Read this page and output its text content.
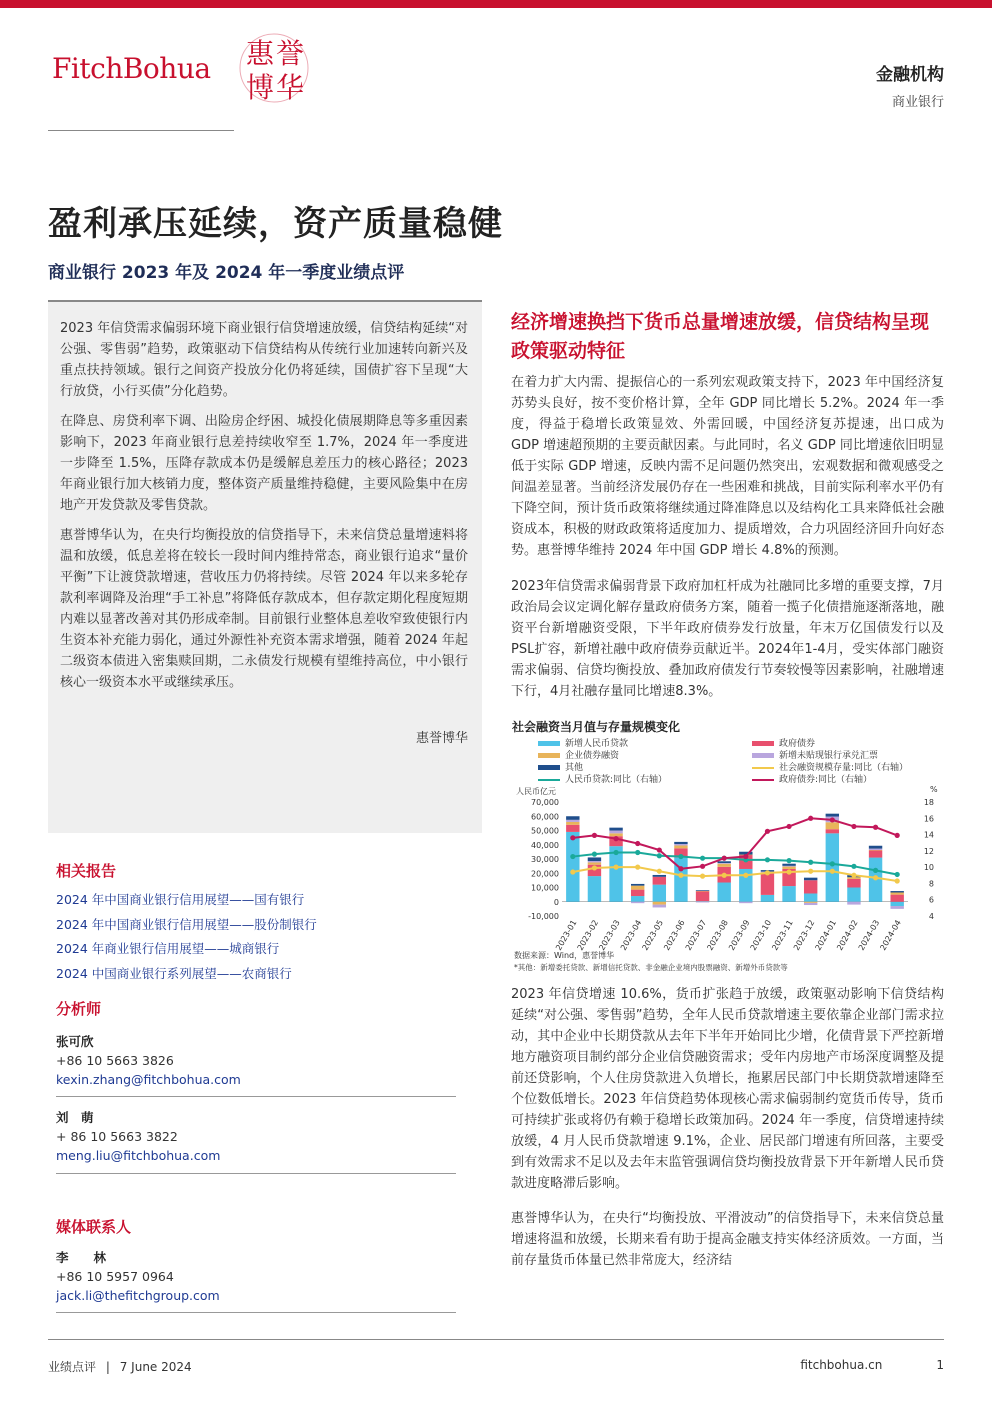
FitchBohua 惠 誉
博 华	金融机构
商业银行
盈利承压延续，资产质量稳健
商业银行 2023 年及 2024 年一季度业绩点评

2023 年信贷需求偏弱环境下商业银行信贷增速放缓，信贷结构延续“对公强、零售弱”趋势，政策驱动下信贷结构从传统行业加速转向新兴及重点扶持领域。银行之间资产投放分化仍将延续，国债扩容下呈现“大行放贷，小行买债”分化趋势。

在降息、房贷利率下调、出险房企纾困、城投化债展期降息等多重因素影响下，2023 年商业银行息差持续收窄至 1.7%，2024 年一季度进一步降至 1.5%，压降存款成本仍是缓解息差压力的核心路径；2023 年商业银行加大核销力度，整体资产质量维持稳健，主要风险集中在房地产开发贷款及零售贷款。

惠誉博华认为，在央行均衡投放的信贷指导下，未来信贷总量增速料将温和放缓，低息差将在较长一段时间内维持常态，商业银行追求“量价平衡”下让渡贷款增速，营收压力仍将持续。尽管 2024 年以来多轮存款利率调降及治理“手工补息”将降低存款成本，但存款定期化程度短期内难以显著改善对其仍形成牵制。目前银行业整体息差收窄致使银行内生资本补充能力弱化，通过外源性补充资本需求增强，随着 2024 年起二级资本债进入密集赎回期，二永债发行规模有望维持高位，中小银行核心一级资本水平或继续承压。

惠誉博华
相关报告
2024 年中国商业银行信用展望——国有银行
2024 年中国商业银行信用展望——股份制银行
2024 年商业银行信用展望——城商银行
2024 中国商业银行系列展望——农商银行
分析师
张可欣
+86 10 5663 3826
kexin.zhang@fitchbohua.com
刘　萌
+ 86 10 5663 3822
meng.liu@fitchbohua.com
媒体联系人
李　　林
+86 10 5957 0964
jack.li@thefitchgroup.com
经济增速换挡下货币总量增速放缓，信贷结构呈现政策驱动特征

在着力扩大内需、提振信心的一系列宏观政策支持下，2023 年中国经济复苏势头良好，按不变价格计算，全年 GDP 同比增长 5.2%。2024 年一季度，得益于稳增长政策显效、外需回暖，中国经济复苏提速，出口成为 GDP 增速超预期的主要贡献因素。与此同时，名义 GDP 同比增速依旧明显低于实际 GDP 增速，反映内需不足问题仍然突出，宏观数据和微观感受之间温差显著。当前经济发展仍存在一些困难和挑战，目前实际利率水平仍有下降空间，预计货币政策将继续通过降准降息以及结构化工具来降低社会融资成本，积极的财政政策将适度加力、提质增效，合力巩固经济回升向好态势。惠誉博华维持 2024 年中国 GDP 增长 4.8%的预测。

2023年信贷需求偏弱背景下政府加杠杆成为社融同比多增的重要支撑，7月政治局会议定调化解存量政府债务方案，随着一揽子化债措施逐渐落地，融资平台新增融资受限，下半年政府债券发行放量，年末万亿国债发行以及PSL扩容，新增社融中政府债券贡献近半。2024年1-4月，受实体部门融资需求偏弱、信贷均衡投放、叠加政府债发行节奏较慢等因素影响，社融增速下行，4月社融存量同比增速8.3%。

社会融资当月值与存量规模变化
新增人民币贷款	政府债券
企业债券融资	新增未贴现银行承兑汇票
其他	社会融资规模存量:同比（右轴）
人民币贷款:同比（右轴）	政府债券:同比（右轴）
人民币亿元	%
70,000
60,000
50,000
40,000
30,000
20,000
10,000
0
-10,000
18
16
14
12
10
8
6
4
2023-01
2023-02
2023-03
2023-04
2023-05
2023-06
2023-07
2023-08
2023-09
2023-10
2023-11
2023-12
2024-01
2024-02
2024-03
2024-04
数据来源：Wind，惠誉博华
*其他：新增委托贷款、新增信托贷款、非金融企业境内股票融资、新增外币贷款等

2023 年信贷增速 10.6%，货币扩张趋于放缓，政策驱动影响下信贷结构延续“对公强、零售弱”趋势，全年人民币贷款增速主要依靠企业部门需求拉动，其中企业中长期贷款从去年下半年开始同比少增，化债背景下严控新增地方融资项目制约部分企业信贷融资需求；受年内房地产市场深度调整及提前还贷影响，个人住房贷款进入负增长，拖累居民部门中长期贷款增速降至个位数低增长。2023 年信贷趋势体现核心需求偏弱制约宽货币传导，货币可持续扩张或将仍有赖于稳增长政策加码。2024 年一季度，信贷增速持续放缓，4 月人民币贷款增速 9.1%，企业、居民部门增速有所回落，主要受到有效需求不足以及去年末监管强调信贷均衡投放背景下开年新增人民币贷款进度略滞后影响。

惠誉博华认为，在央行“均衡投放、平滑波动”的信贷指导下，未来信贷总量增速将温和放缓，长期来看有助于提高金融支持实体经济质效。一方面，当前存量货币体量已然非常庞大，经济结

业绩点评 | 7 June 2024	fitchbohua.cn	1
